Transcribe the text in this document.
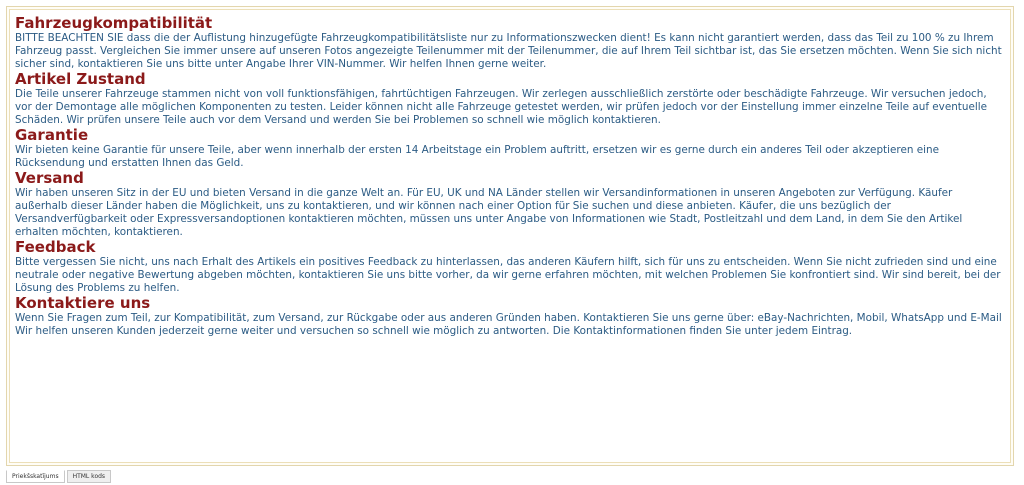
Fahrzeugkompatibilität

BITTE BEACHTEN SIE dass die der Auflistung hinzugefügte Fahrzeugkompatibilitätsliste nur zu Informationszwecken dient! Es kann nicht garantiert werden, dass das Teil zu 100 % zu Ihrem Fahrzeug passt. Vergleichen Sie immer unsere auf unseren Fotos angezeigte Teilenummer mit der Teilenummer, die auf Ihrem Teil sichtbar ist, das Sie ersetzen möchten. Wenn Sie sich nicht sicher sind, kontaktieren Sie uns bitte unter Angabe Ihrer VIN-Nummer. Wir helfen Ihnen gerne weiter.

Artikel Zustand

Die Teile unserer Fahrzeuge stammen nicht von voll funktionsfähigen, fahrtüchtigen Fahrzeugen. Wir zerlegen ausschließlich zerstörte oder beschädigte Fahrzeuge. Wir versuchen jedoch, vor der Demontage alle möglichen Komponenten zu testen. Leider können nicht alle Fahrzeuge getestet werden, wir prüfen jedoch vor der Einstellung immer einzelne Teile auf eventuelle Schäden. Wir prüfen unsere Teile auch vor dem Versand und werden Sie bei Problemen so schnell wie möglich kontaktieren.

Garantie

Wir bieten keine Garantie für unsere Teile, aber wenn innerhalb der ersten 14 Arbeitstage ein Problem auftritt, ersetzen wir es gerne durch ein anderes Teil oder akzeptieren eine Rücksendung und erstatten Ihnen das Geld.

Versand

Wir haben unseren Sitz in der EU und bieten Versand in die ganze Welt an. Für EU, UK und NA Länder stellen wir Versandinformationen in unseren Angeboten zur Verfügung. Käufer außerhalb dieser Länder haben die Möglichkeit, uns zu kontaktieren, und wir können nach einer Option für Sie suchen und diese anbieten. Käufer, die uns bezüglich der Versandverfügbarkeit oder Expressversandoptionen kontaktieren möchten, müssen uns unter Angabe von Informationen wie Stadt, Postleitzahl und dem Land, in dem Sie den Artikel erhalten möchten, kontaktieren.

Feedback

Bitte vergessen Sie nicht, uns nach Erhalt des Artikels ein positives Feedback zu hinterlassen, das anderen Käufern hilft, sich für uns zu entscheiden. Wenn Sie nicht zufrieden sind und eine neutrale oder negative Bewertung abgeben möchten, kontaktieren Sie uns bitte vorher, da wir gerne erfahren möchten, mit welchen Problemen Sie konfrontiert sind. Wir sind bereit, bei der Lösung des Problems zu helfen.

Kontaktiere uns

Wenn Sie Fragen zum Teil, zur Kompatibilität, zum Versand, zur Rückgabe oder aus anderen Gründen haben. Kontaktieren Sie uns gerne über: eBay-Nachrichten, Mobil, WhatsApp und E-Mail Wir helfen unseren Kunden jederzeit gerne weiter und versuchen so schnell wie möglich zu antworten. Die Kontaktinformationen finden Sie unter jedem Eintrag.

Priekšskatījums	HTML kods
